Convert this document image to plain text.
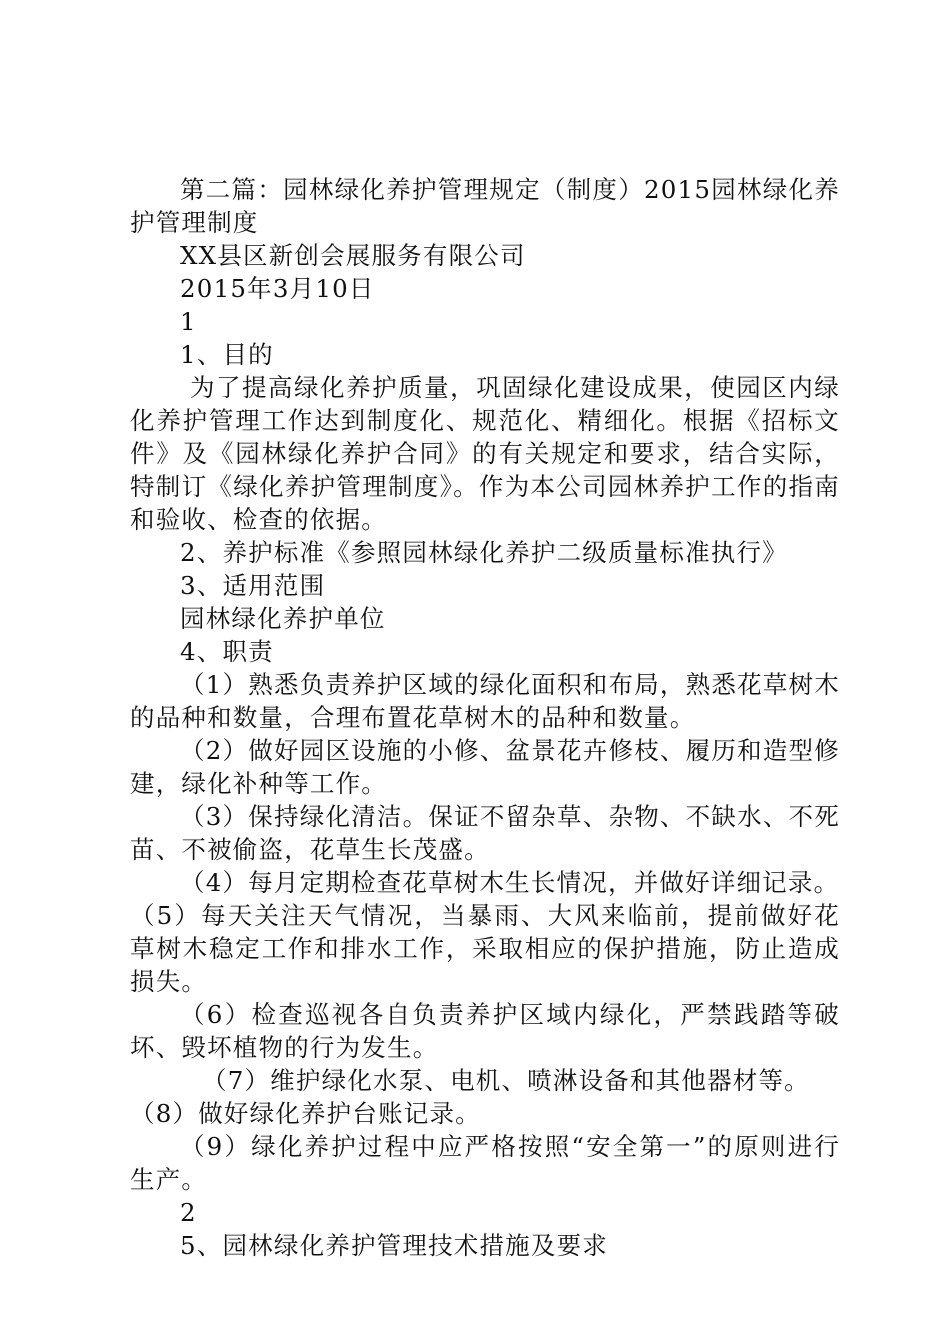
第二篇：园林绿化养护管理规定（制度）2015园林绿化养护管理制度

XX县区新创会展服务有限公司

2015年3月10日

1

1、目的

为了提高绿化养护质量，巩固绿化建设成果，使园区内绿化养护管理工作达到制度化、规范化、精细化。根据《招标文件》及《园林绿化养护合同》的有关规定和要求，结合实际，特制订《绿化养护管理制度》。作为本公司园林养护工作的指南和验收、检查的依据。

2、养护标准《参照园林绿化养护二级质量标准执行》

3、适用范围

园林绿化养护单位

4、职责

（1）熟悉负责养护区域的绿化面积和布局，熟悉花草树木的品种和数量，合理布置花草树木的品种和数量。

（2）做好园区设施的小修、盆景花卉修枝、履历和造型修建，绿化补种等工作。

（3）保持绿化清洁。保证不留杂草、杂物、不缺水、不死苗、不被偷盗，花草生长茂盛。

（4）每月定期检查花草树木生长情况，并做好详细记录。

（5）每天关注天气情况，当暴雨、大风来临前，提前做好花草树木稳定工作和排水工作，采取相应的保护措施，防止造成损失。

（6）检查巡视各自负责养护区域内绿化，严禁践踏等破坏、毁坏植物的行为发生。

（7）维护绿化水泵、电机、喷淋设备和其他器材等。

（8）做好绿化养护台账记录。

（9）绿化养护过程中应严格按照“安全第一”的原则进行生产。

2

5、园林绿化养护管理技术措施及要求
